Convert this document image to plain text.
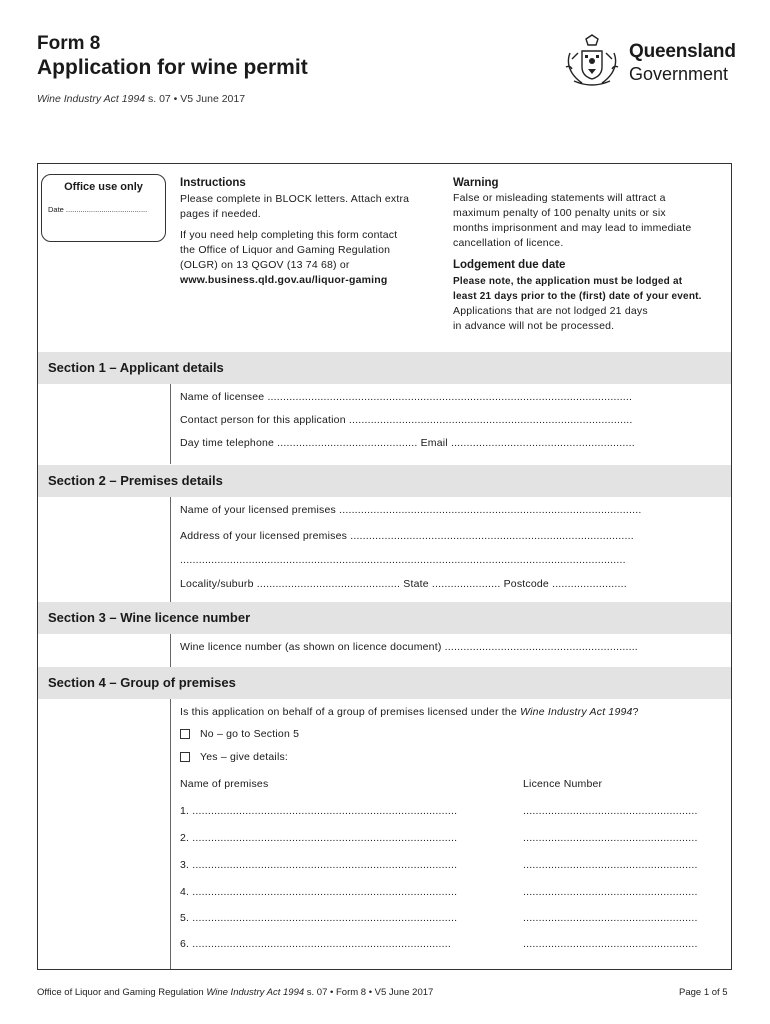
Form 8
Application for wine permit
Wine Industry Act 1994 s. 07 • V5 June 2017
Queensland
Government
Office use only
Date .......................................
Instructions
Please complete in BLOCK letters. Attach extra
pages if needed.
If you need help completing this form contact
the Office of Liquor and Gaming Regulation
(OLGR) on 13 QGOV (13 74 68) or
www.business.qld.gov.au/liquor-gaming
Warning
False or misleading statements will attract a
maximum penalty of 100 penalty units or six
months imprisonment and may lead to immediate
cancellation of licence.
Lodgement due date
Please note, the application must be lodged at
least 21 days prior to the (first) date of your event.
Applications that are not lodged 21 days
in advance will not be processed.
Section 1 – Applicant details
Name of licensee .....................................................................................................................
Contact person for this application ...........................................................................................
Day time telephone ............................................. Email ...........................................................
Section 2 – Premises details
Name of your licensed premises .................................................................................................
Address of your licensed premises ...........................................................................................
...............................................................................................................................................
Locality/suburb .............................................. State ...................... Postcode ........................
Section 3 – Wine licence number
Wine licence number (as shown on licence document) ..............................................................
Section 4 – Group of premises
Is this application on behalf of a group of premises licensed under the Wine Industry Act 1994?
No – go to Section 5
Yes – give details:
Name of premises	Licence Number
1. .....................................................................................	........................................................
2. .....................................................................................	........................................................
3. .....................................................................................	........................................................
4. .....................................................................................	........................................................
5. .....................................................................................	........................................................
6. ...................................................................................	........................................................
Office of Liquor and Gaming Regulation Wine Industry Act 1994 s. 07 • Form 8 • V5 June 2017	Page 1 of 5
